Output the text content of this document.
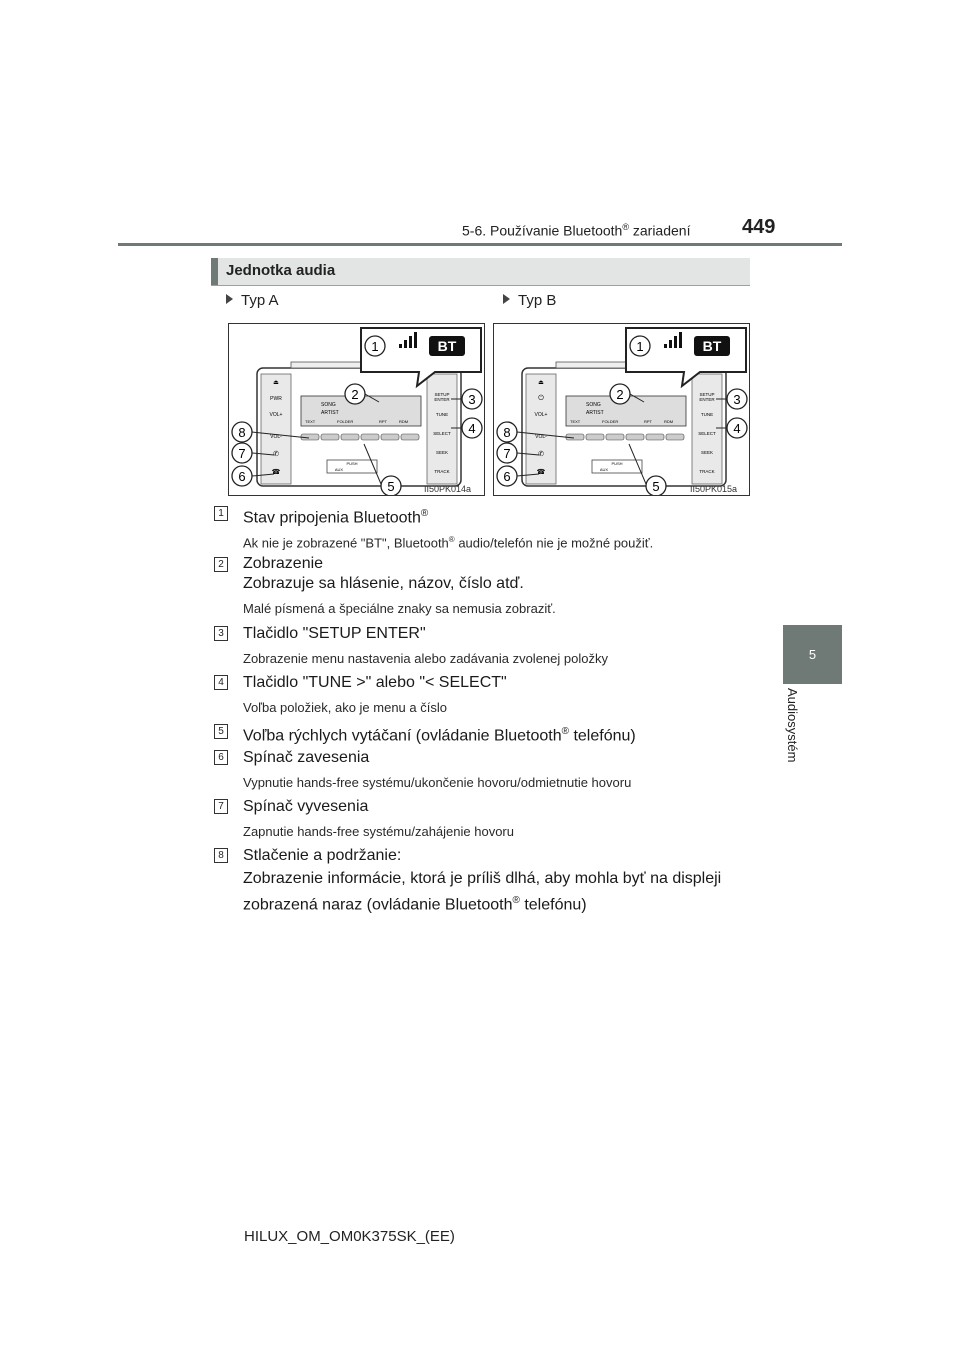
5-6. Používanie Bluetooth® zariadení	449
5
Audiosystém
Jednotka audia
Typ A	Typ B
⏏
PWR
VOL+
VOL-
✆
☎
SETUP
ENTER
TUNE
SELECT
SEEK
TRACK
SONG
ARTIST
TEXT	FOLDER	RPT	RDM
PUSH
AUX
BT
1
2	3
4
5
6
7
8
II50PK014a
⏏
⏻
VOL+
VOL-
✆
☎
SETUP
ENTER
TUNE
SELECT
SEEK
TRACK
SONG
ARTIST
TEXT	FOLDER	RPT	RDM
PUSH
AUX
BT
1
2	3
4
5
6
7
8
II50PK015a
1 Stav pripojenia Bluetooth®
Ak nie je zobrazené "BT", Bluetooth® audio/telefón nie je možné použiť.
2 Zobrazenie
Zobrazuje sa hlásenie, názov, číslo atď.
Malé písmená a špeciálne znaky sa nemusia zobraziť.
3 Tlačidlo "SETUP ENTER"
Zobrazenie menu nastavenia alebo zadávania zvolenej položky
4 Tlačidlo "TUNE >" alebo "< SELECT"
Voľba položiek, ako je menu a číslo
5 Voľba rýchlych vytáčaní (ovládanie Bluetooth® telefónu)
6 Spínač zavesenia
Vypnutie hands-free systému/ukončenie hovoru/odmietnutie hovoru
7 Spínač vyvesenia
Zapnutie hands-free systému/zahájenie hovoru
8 Stlačenie a podržanie:
Zobrazenie informácie, ktorá je príliš dlhá, aby mohla byť na displeji
zobrazená naraz (ovládanie Bluetooth® telefónu)
HILUX_OM_OM0K375SK_(EE)
